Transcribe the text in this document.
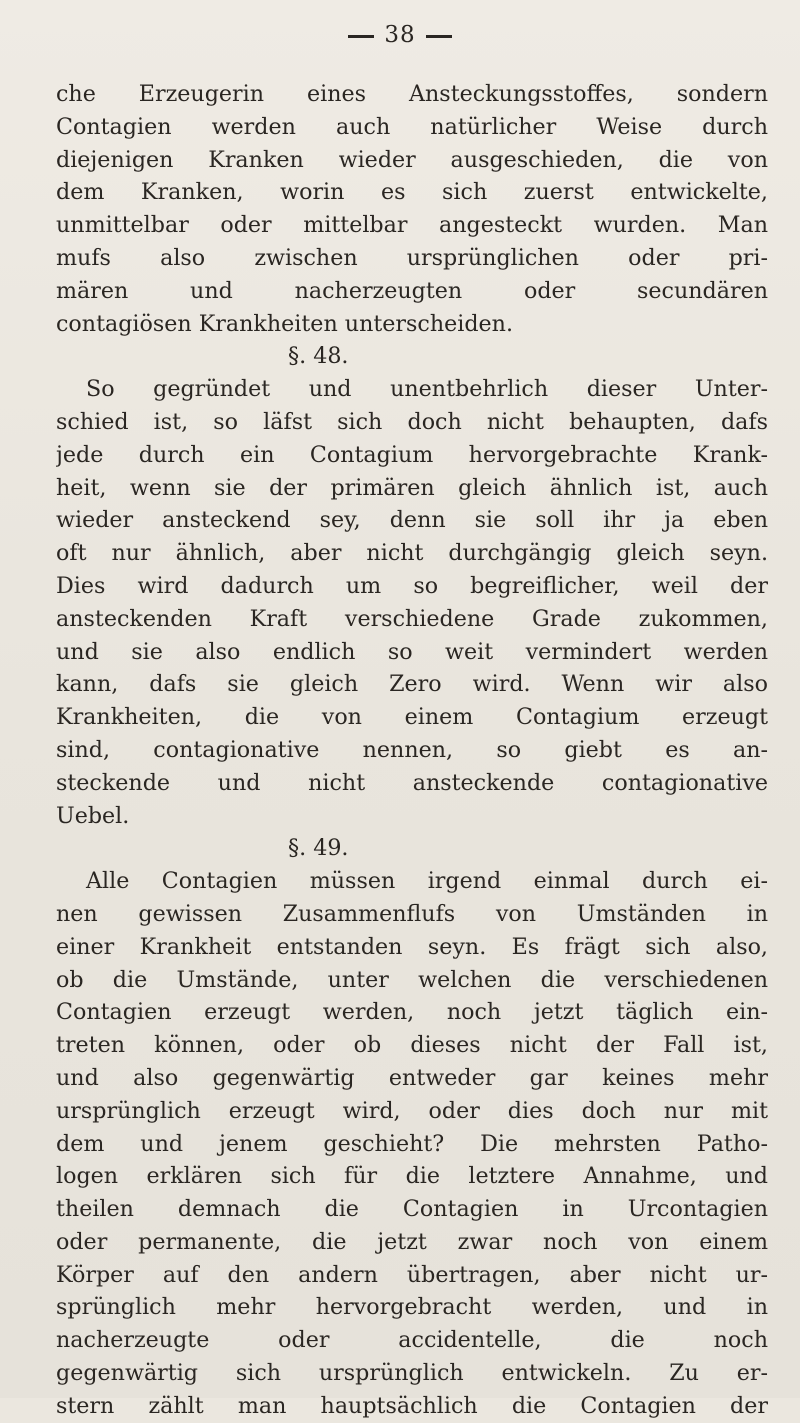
38
che Erzeugerin eines Ansteckungsstoffes, sondern
Contagien werden auch natürlicher Weise durch
diejenigen Kranken wieder ausgeschieden, die von
dem Kranken, worin es sich zuerst entwickelte,
unmittelbar oder mittelbar angesteckt wurden. Man
mufs also zwischen ursprünglichen oder pri-
mären und nacherzeugten oder secundären
contagiösen Krankheiten unterscheiden.
§. 48.
So gegründet und unentbehrlich dieser Unter-
schied ist, so läfst sich doch nicht behaupten, dafs
jede durch ein Contagium hervorgebrachte Krank-
heit, wenn sie der primären gleich ähnlich ist, auch
wieder ansteckend sey, denn sie soll ihr ja eben
oft nur ähnlich, aber nicht durchgängig gleich seyn.
Dies wird dadurch um so begreiflicher, weil der
ansteckenden Kraft verschiedene Grade zukommen,
und sie also endlich so weit vermindert werden
kann, dafs sie gleich Zero wird. Wenn wir also
Krankheiten, die von einem Contagium erzeugt
sind, contagionative nennen, so giebt es an-
steckende und nicht ansteckende contagionative
Uebel.
§. 49.
Alle Contagien müssen irgend einmal durch ei-
nen gewissen Zusammenflufs von Umständen in
einer Krankheit entstanden seyn. Es frägt sich also,
ob die Umstände, unter welchen die verschiedenen
Contagien erzeugt werden, noch jetzt täglich ein-
treten können, oder ob dieses nicht der Fall ist,
und also gegenwärtig entweder gar keines mehr
ursprünglich erzeugt wird, oder dies doch nur mit
dem und jenem geschieht? Die mehrsten Patho-
logen erklären sich für die letztere Annahme, und
theilen demnach die Contagien in Urcontagien
oder permanente, die jetzt zwar noch von einem
Körper auf den andern übertragen, aber nicht ur-
sprünglich mehr hervorgebracht werden, und in
nacherzeugte oder accidentelle, die noch
gegenwärtig sich ursprünglich entwickeln. Zu er-
stern zählt man hauptsächlich die Contagien der
